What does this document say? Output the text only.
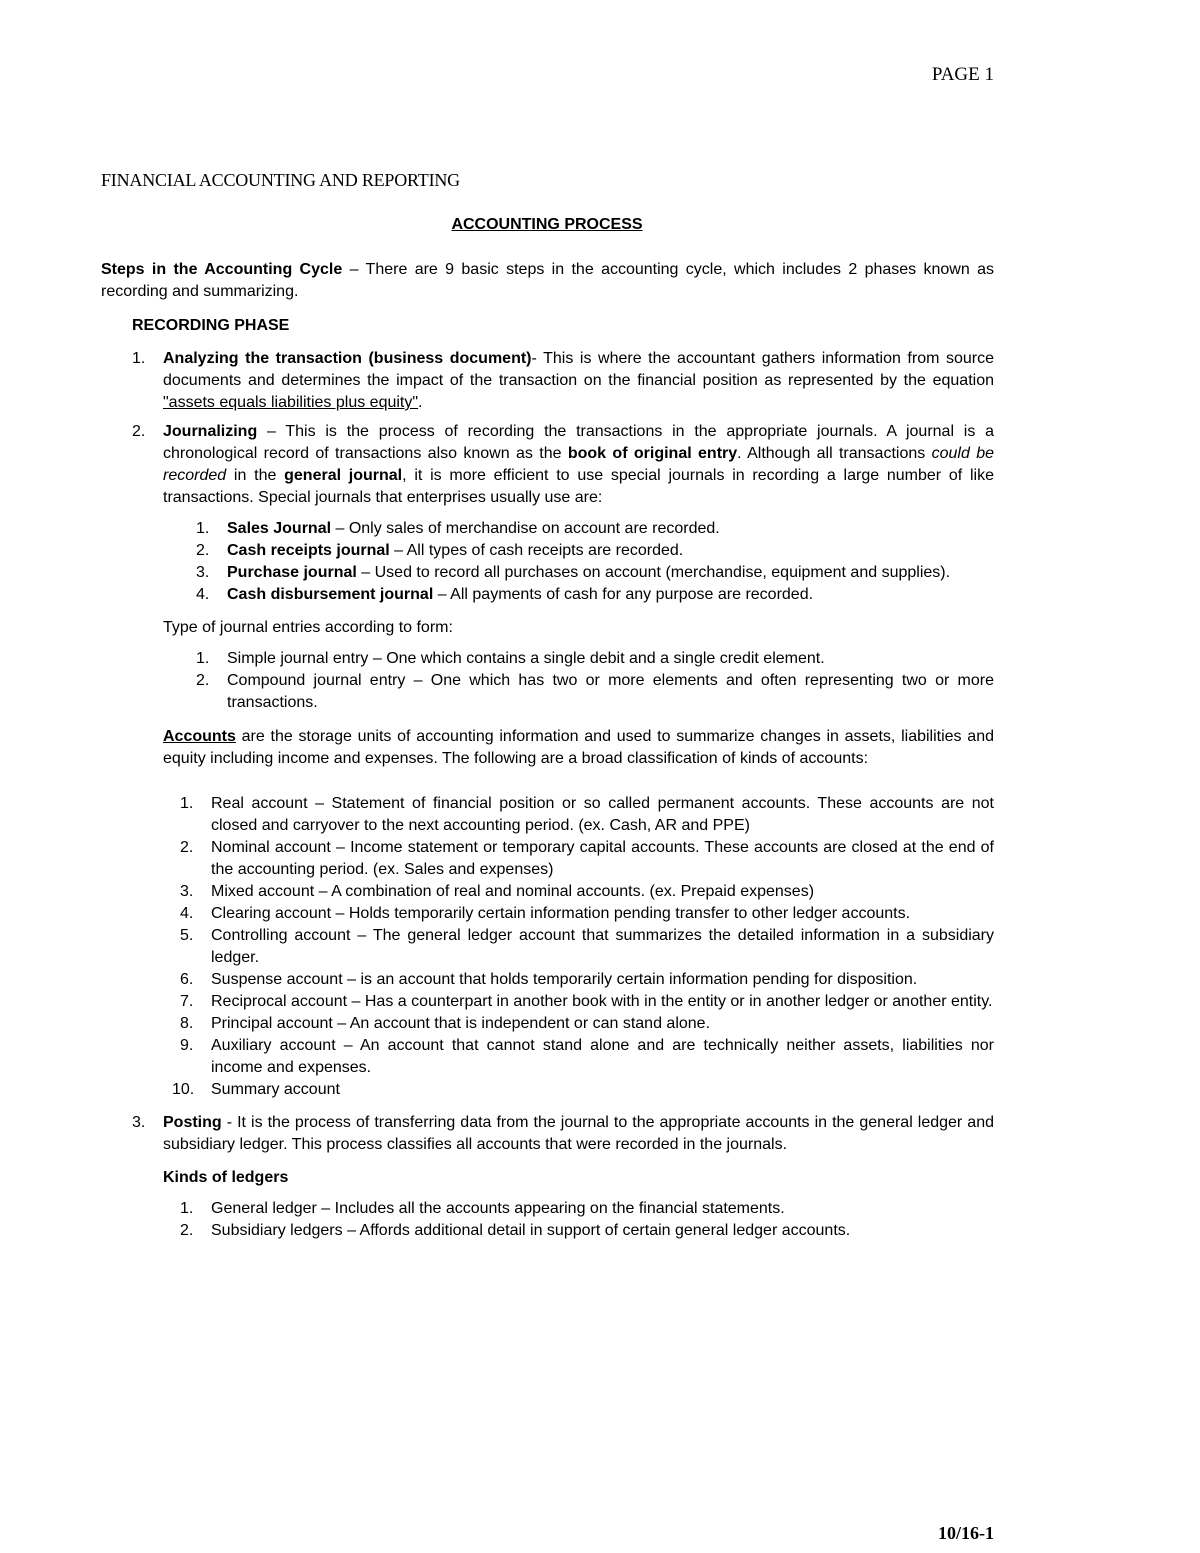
PAGE 1
FINANCIAL ACCOUNTING AND REPORTING
ACCOUNTING PROCESS

Steps in the Accounting Cycle – There are 9 basic steps in the accounting cycle, which includes 2 phases known as recording and summarizing.

RECORDING PHASE
1. Analyzing the transaction (business document)- This is where the accountant gathers information from source documents and determines the impact of the transaction on the financial position as represented by the equation "assets equals liabilities plus equity".
2. Journalizing – This is the process of recording the transactions in the appropriate journals. A journal is a chronological record of transactions also known as the book of original entry. Although all transactions could be recorded in the general journal, it is more efficient to use special journals in recording a large number of like transactions. Special journals that enterprises usually use are:
1. Sales Journal – Only sales of merchandise on account are recorded.
2. Cash receipts journal – All types of cash receipts are recorded.
3. Purchase journal – Used to record all purchases on account (merchandise, equipment and supplies).
4. Cash disbursement journal – All payments of cash for any purpose are recorded.

Type of journal entries according to form:

1. Simple journal entry – One which contains a single debit and a single credit element.
2. Compound journal entry – One which has two or more elements and often representing two or more transactions.

Accounts are the storage units of accounting information and used to summarize changes in assets, liabilities and equity including income and expenses. The following are a broad classification of kinds of accounts:

1. Real account – Statement of financial position or so called permanent accounts. These accounts are not closed and carryover to the next accounting period. (ex. Cash, AR and PPE)
2. Nominal account – Income statement or temporary capital accounts. These accounts are closed at the end of the accounting period. (ex. Sales and expenses)
3. Mixed account – A combination of real and nominal accounts. (ex. Prepaid expenses)
4. Clearing account – Holds temporarily certain information pending transfer to other ledger accounts.
5. Controlling account – The general ledger account that summarizes the detailed information in a subsidiary ledger.
6. Suspense account – is an account that holds temporarily certain information pending for disposition.
7. Reciprocal account – Has a counterpart in another book with in the entity or in another ledger or another entity.
8. Principal account – An account that is independent or can stand alone.
9. Auxiliary account – An account that cannot stand alone and are technically neither assets, liabilities nor income and expenses.
10. Summary account
3. Posting - It is the process of transferring data from the journal to the appropriate accounts in the general ledger and subsidiary ledger. This process classifies all accounts that were recorded in the journals.

Kinds of ledgers

1. General ledger – Includes all the accounts appearing on the financial statements.
2. Subsidiary ledgers – Affords additional detail in support of certain general ledger accounts.
10/16-1
